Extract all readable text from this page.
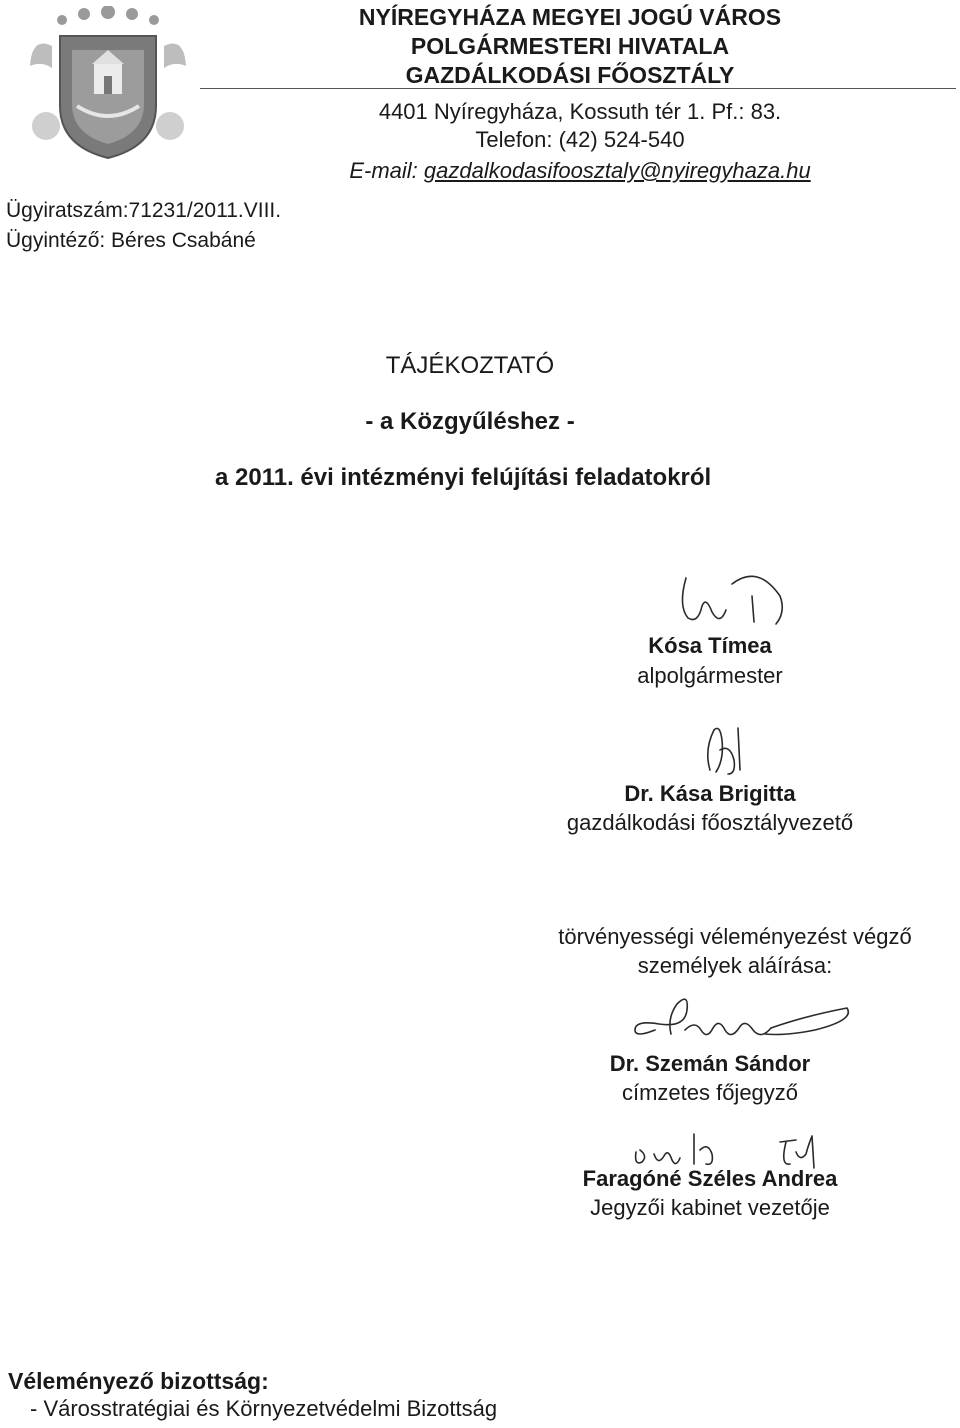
NYÍREGYHÁZA MEGYEI JOGÚ VÁROS
POLGÁRMESTERI HIVATALA
GAZDÁLKODÁSI FŐOSZTÁLY
4401 Nyíregyháza, Kossuth tér 1. Pf.: 83.
Telefon: (42) 524-540
E-mail: gazdalkodasifoosztaly@nyiregyhaza.hu
Ügyiratszám:71231/2011.VIII.
Ügyintéző: Béres Csabáné
TÁJÉKOZTATÓ
- a Közgyűléshez -
a 2011. évi intézményi felújítási feladatokról
Kósa Tímea
alpolgármester
Dr. Kása Brigitta
gazdálkodási főosztályvezető
törvényességi véleményezést végző
személyek aláírása:
Dr. Szemán Sándor
címzetes főjegyző
Faragóné Széles Andrea
Jegyzői kabinet vezetője
Véleményező bizottság:
- Városstratégiai és Környezetvédelmi Bizottság
